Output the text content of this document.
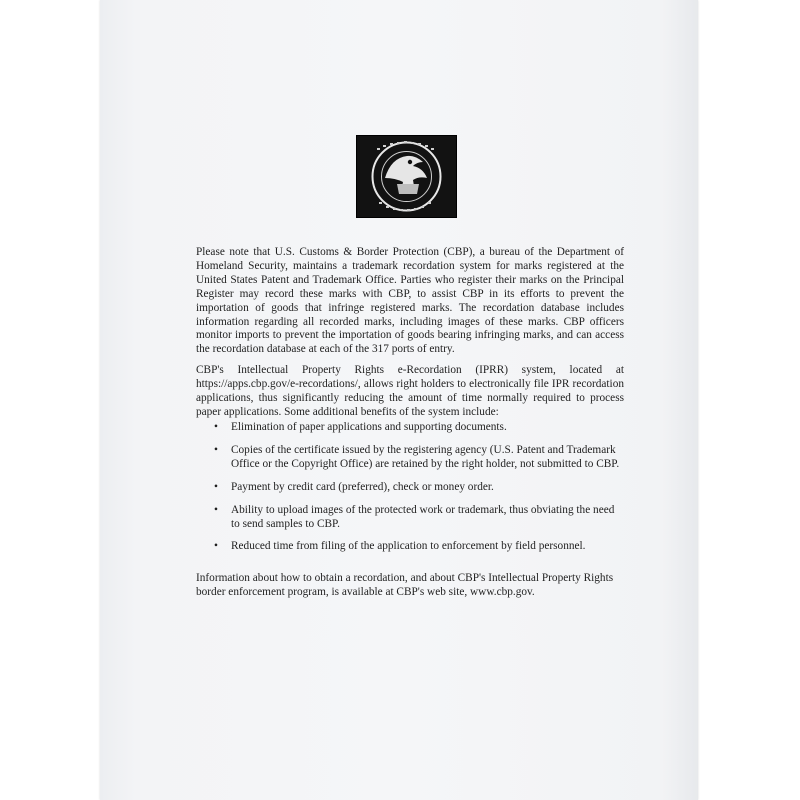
Please note that U.S. Customs & Border Protection (CBP), a bureau of the Department of Homeland Security, maintains a trademark recordation system for marks registered at the United States Patent and Trademark Office. Parties who register their marks on the Principal Register may record these marks with CBP, to assist CBP in its efforts to prevent the importation of goods that infringe registered marks. The recordation database includes information regarding all recorded marks, including images of these marks. CBP officers monitor imports to prevent the importation of goods bearing infringing marks, and can access the recordation database at each of the 317 ports of entry.
CBP's Intellectual Property Rights e-Recordation (IPRR) system, located at https://apps.cbp.gov/e-recordations/, allows right holders to electronically file IPR recordation applications, thus significantly reducing the amount of time normally required to process paper applications. Some additional benefits of the system include:
• Elimination of paper applications and supporting documents.
• Copies of the certificate issued by the registering agency (U.S. Patent and Trademark Office or the Copyright Office) are retained by the right holder, not submitted to CBP.
• Payment by credit card (preferred), check or money order.
• Ability to upload images of the protected work or trademark, thus obviating the need to send samples to CBP.
• Reduced time from filing of the application to enforcement by field personnel.
Information about how to obtain a recordation, and about CBP's Intellectual Property Rights border enforcement program, is available at CBP's web site, www.cbp.gov.
